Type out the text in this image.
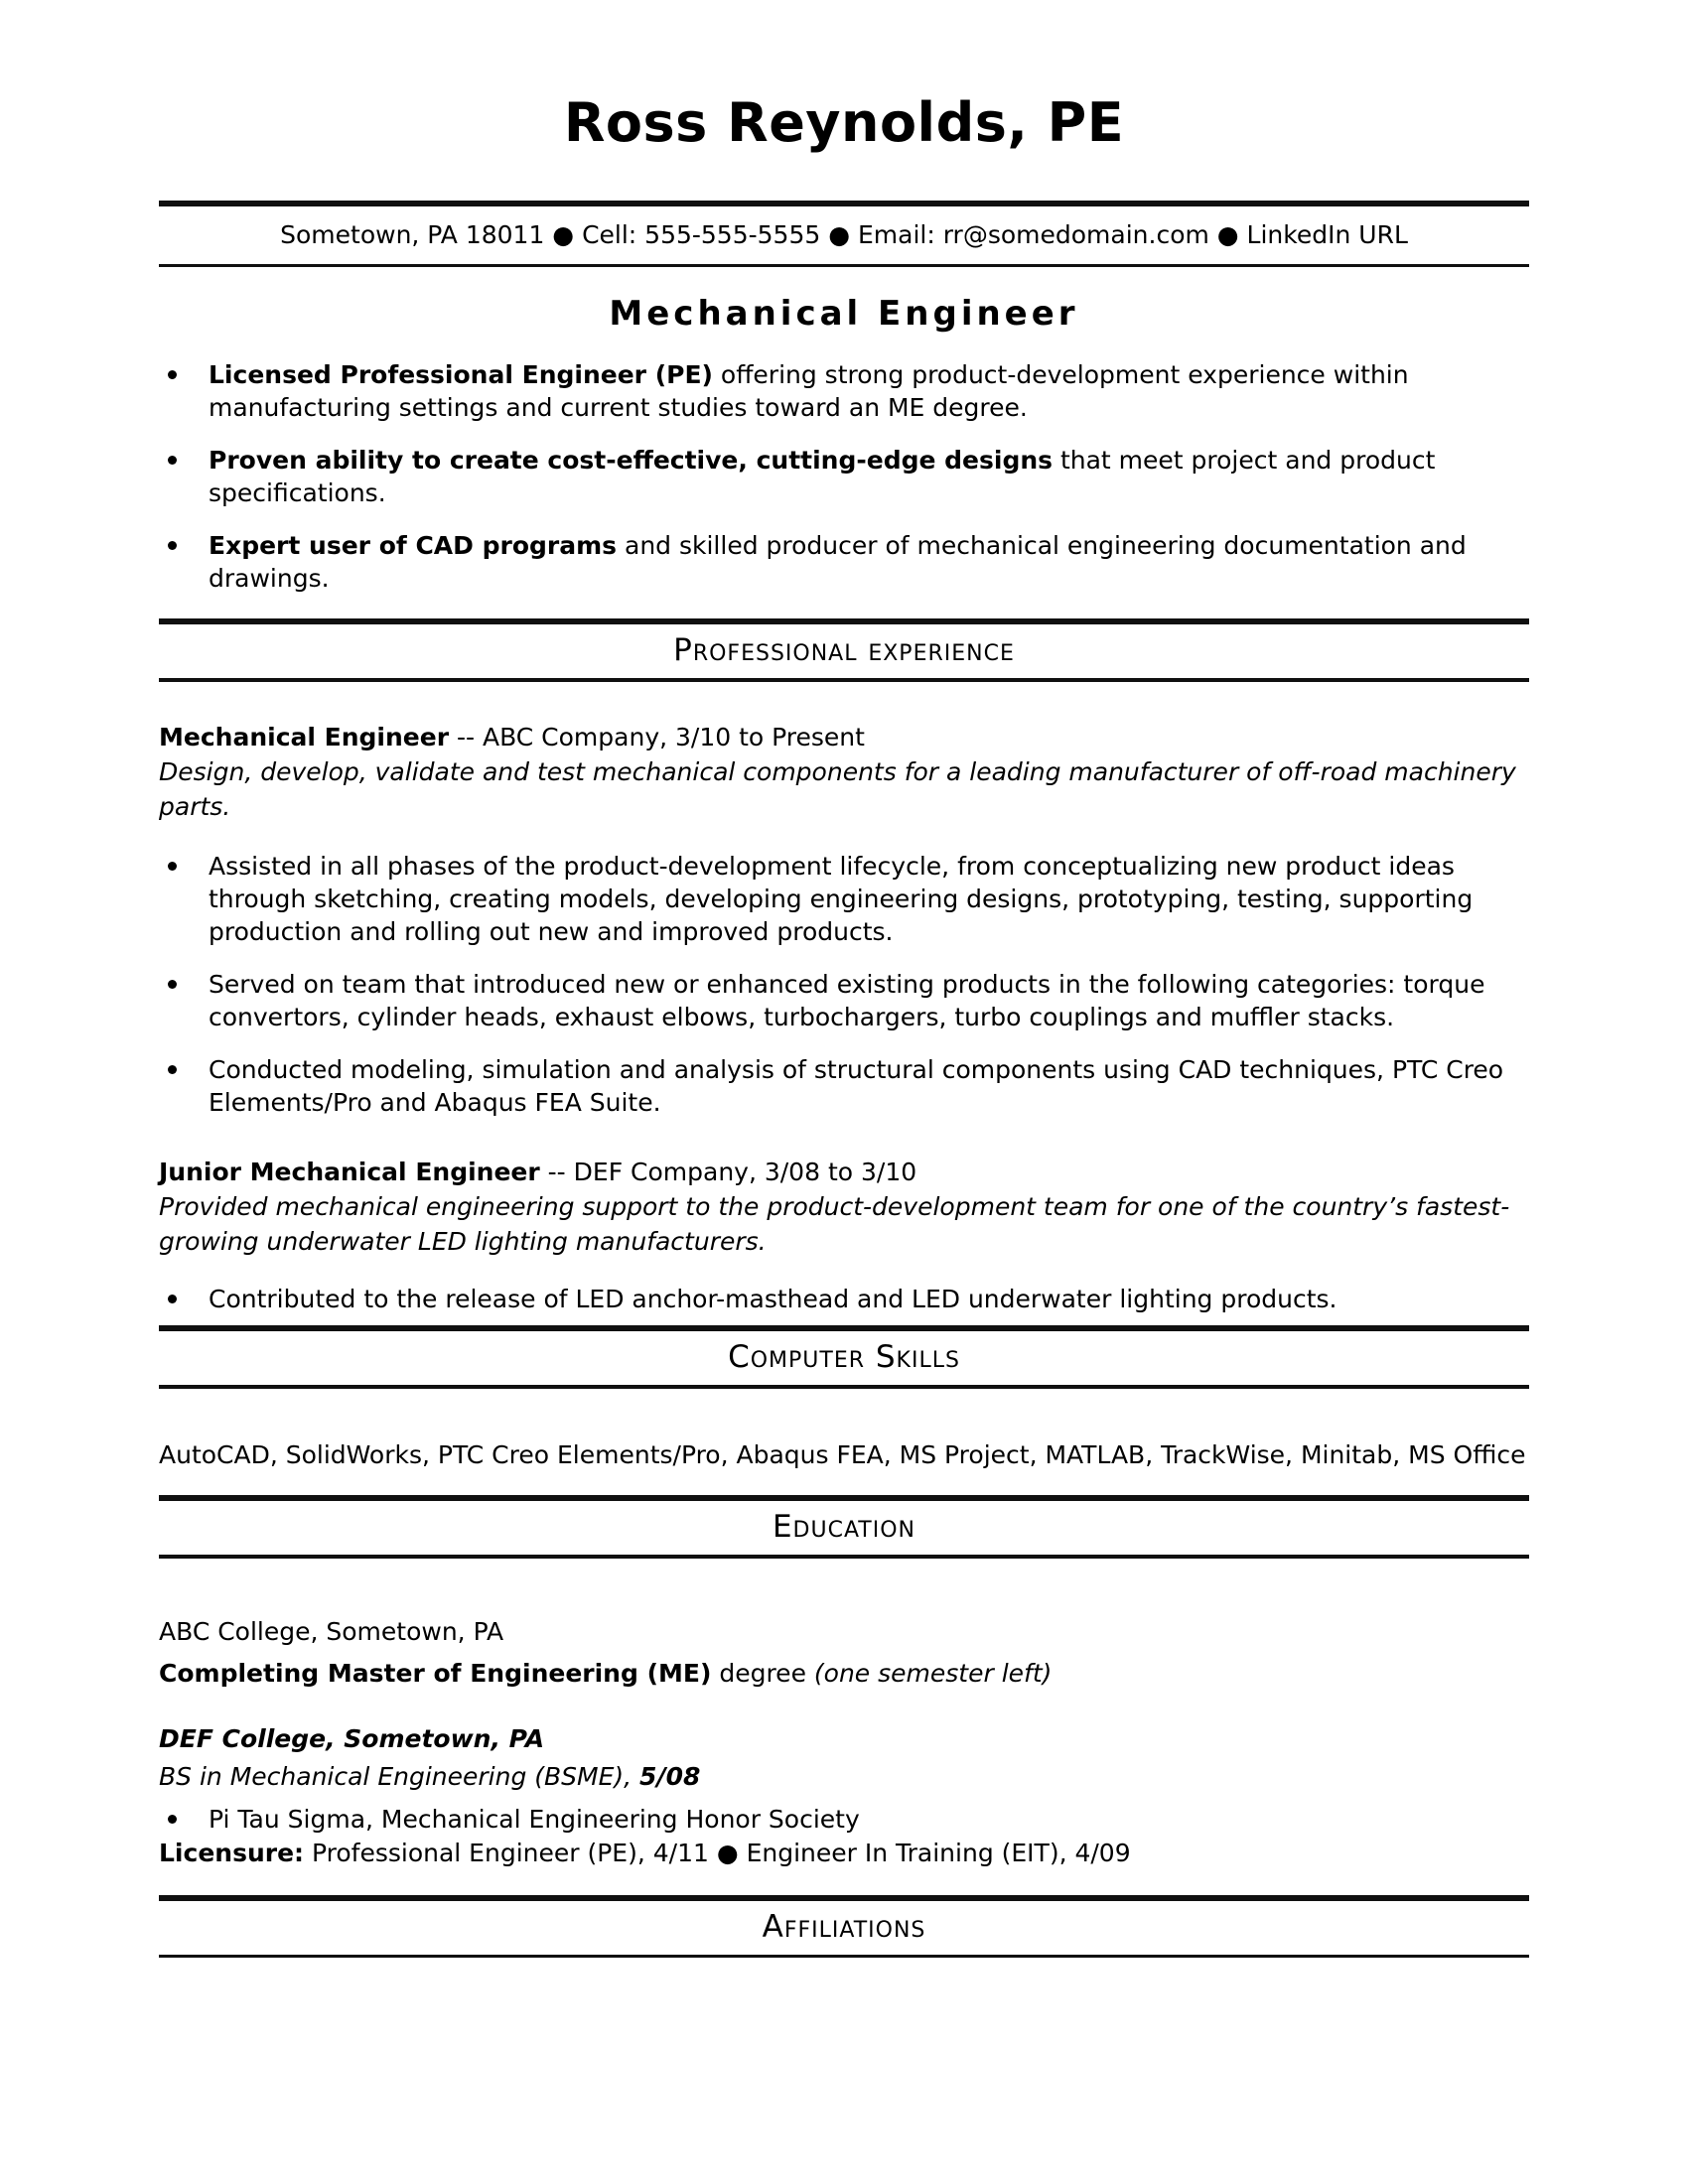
Ross Reynolds, PE
Sometown, PA 18011 ● Cell: 555-555-5555 ● Email: rr@somedomain.com ● LinkedIn URL
Mechanical Engineer
Licensed Professional Engineer (PE) offering strong product-development experience within manufacturing settings and current studies toward an ME degree.
Proven ability to create cost-effective, cutting-edge designs that meet project and product specifications.
Expert user of CAD programs and skilled producer of mechanical engineering documentation and drawings.
Professional experience

Mechanical Engineer -- ABC Company, 3/10 to Present

Design, develop, validate and test mechanical components for a leading manufacturer of off-road machinery parts.

Assisted in all phases of the product-development lifecycle, from conceptualizing new product ideas through sketching, creating models, developing engineering designs, prototyping, testing, supporting production and rolling out new and improved products.
Served on team that introduced new or enhanced existing products in the following categories: torque convertors, cylinder heads, exhaust elbows, turbochargers, turbo couplings and muffler stacks.
Conducted modeling, simulation and analysis of structural components using CAD techniques, PTC Creo Elements/Pro and Abaqus FEA Suite.

Junior Mechanical Engineer -- DEF Company, 3/08 to 3/10

Provided mechanical engineering support to the product-development team for one of the country’s fastest-growing underwater LED lighting manufacturers.

Contributed to the release of LED anchor-masthead and LED underwater lighting products.
Computer Skills

AutoCAD, SolidWorks, PTC Creo Elements/Pro, Abaqus FEA, MS Project, MATLAB, TrackWise, Minitab, MS Office

Education

ABC College, Sometown, PA

Completing Master of Engineering (ME) degree (one semester left)

DEF College, Sometown, PA

BS in Mechanical Engineering (BSME), 5/08

Pi Tau Sigma, Mechanical Engineering Honor Society

Licensure: Professional Engineer (PE), 4/11 ● Engineer In Training (EIT), 4/09

Affiliations
